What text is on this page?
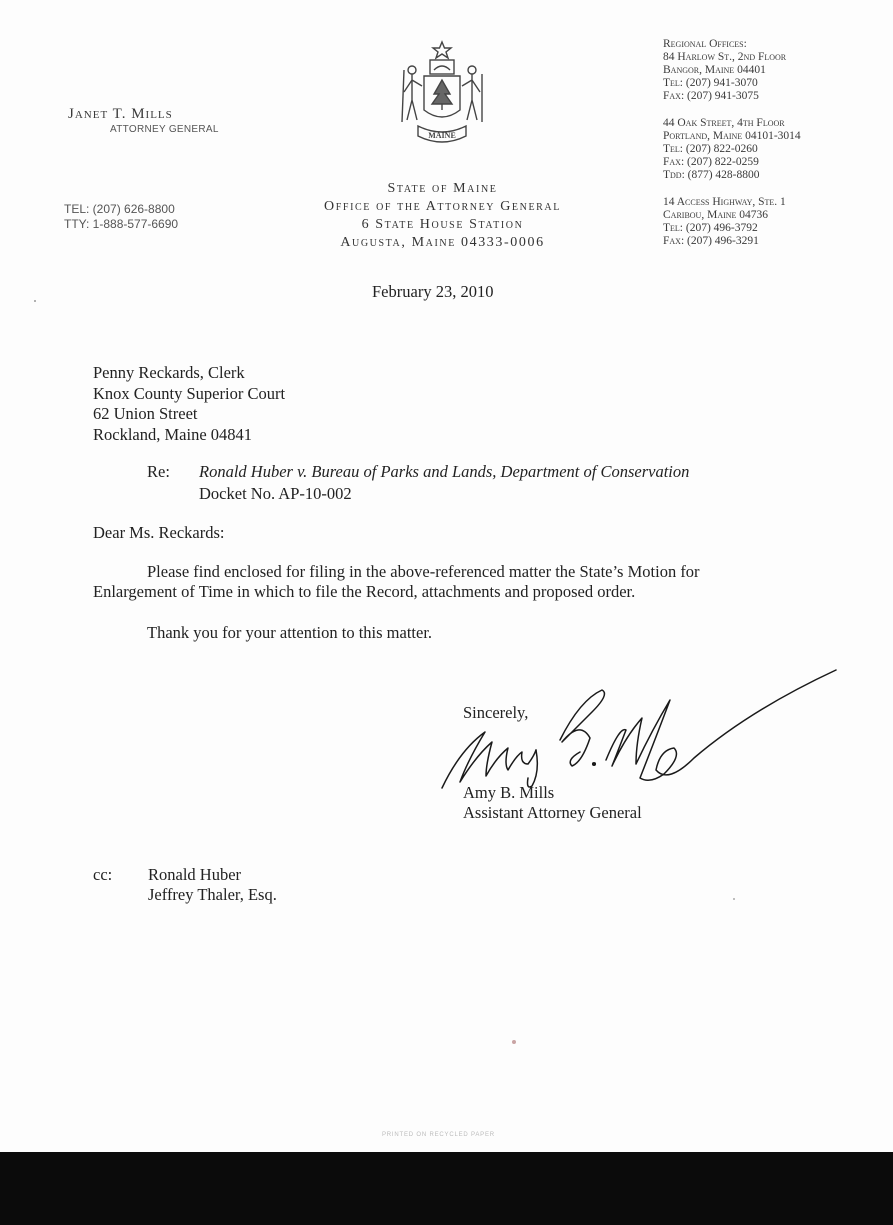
Janet T. Mills
ATTORNEY GENERAL
TEL: (207) 626-8800
TTY: 1-888-577-6690
MAINE
State of Maine
Office of the Attorney General
6 State House Station
Augusta, Maine 04333-0006
Regional Offices:
84 Harlow St., 2nd Floor
Bangor, Maine 04401
Tel: (207) 941-3070
Fax: (207) 941-3075
44 Oak Street, 4th Floor
Portland, Maine 04101-3014
Tel: (207) 822-0260
Fax: (207) 822-0259
Tdd: (877) 428-8800
14 Access Highway, Ste. 1
Caribou, Maine 04736
Tel: (207) 496-3792
Fax: (207) 496-3291
February 23, 2010
Penny Reckards, Clerk
Knox County Superior Court
62 Union Street
Rockland, Maine 04841
Re: Ronald Huber v. Bureau of Parks and Lands, Department of Conservation
Docket No. AP-10-002
Dear Ms. Reckards:
Please find enclosed for filing in the above-referenced matter the State’s Motion for
Enlargement of Time in which to file the Record, attachments and proposed order.
Thank you for your attention to this matter.
Sincerely,
Amy B. Mills
Assistant Attorney General
cc: Ronald Huber
Jeffrey Thaler, Esq.
PRINTED ON RECYCLED PAPER
